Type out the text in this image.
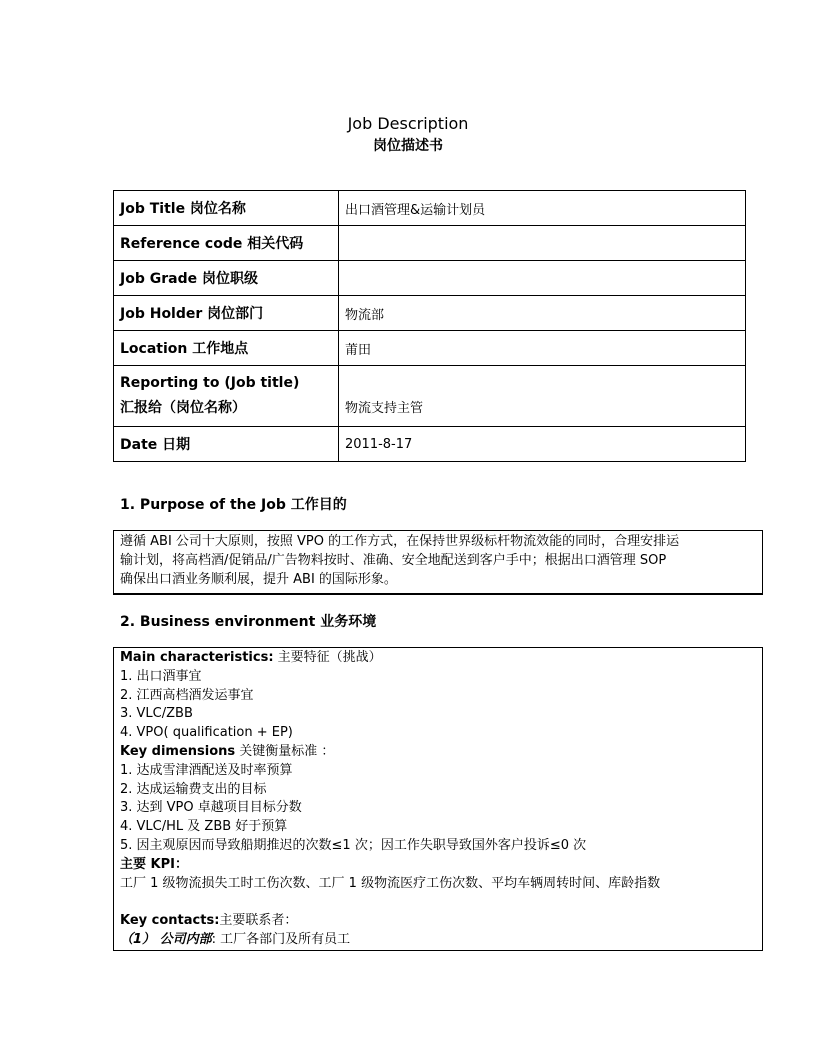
Job Description
岗位描述书
Job Title 岗位名称	出口酒管理&运输计划员
Reference code 相关代码	
Job Grade 岗位职级	
Job Holder 岗位部门	物流部
Location 工作地点	莆田

Reporting to (Job title)
汇报给（岗位名称）	物流支持主管
Date 日期	2011-8-17
1. Purpose of the Job 工作目的
遵循 ABI 公司十大原则，按照 VPO 的工作方式，在保持世界级标杆物流效能的同时，合理安排运
输计划，将高档酒/促销品/广告物料按时、准确、安全地配送到客户手中；根据出口酒管理 SOP
确保出口酒业务顺利展，提升 ABI 的国际形象。
2. Business environment 业务环境
Main characteristics: 主要特征（挑战）
1. 出口酒事宜
2. 江西高档酒发运事宜
3. VLC/ZBB
4. VPO( qualification + EP)
Key dimensions 关键衡量标准 ：
1. 达成雪津酒配送及时率预算
2. 达成运输费支出的目标
3. 达到 VPO 卓越项目目标分数
4. VLC/HL 及 ZBB 好于预算
5. 因主观原因而导致船期推迟的次数≤1 次；因工作失职导致国外客户投诉≤0 次
主要 KPI：
工厂 1 级物流损失工时工伤次数、工厂 1 级物流医疗工伤次数、平均车辆周转时间、库龄指数
Key contacts:主要联系者：
（1） 公司内部: 工厂各部门及所有员工
